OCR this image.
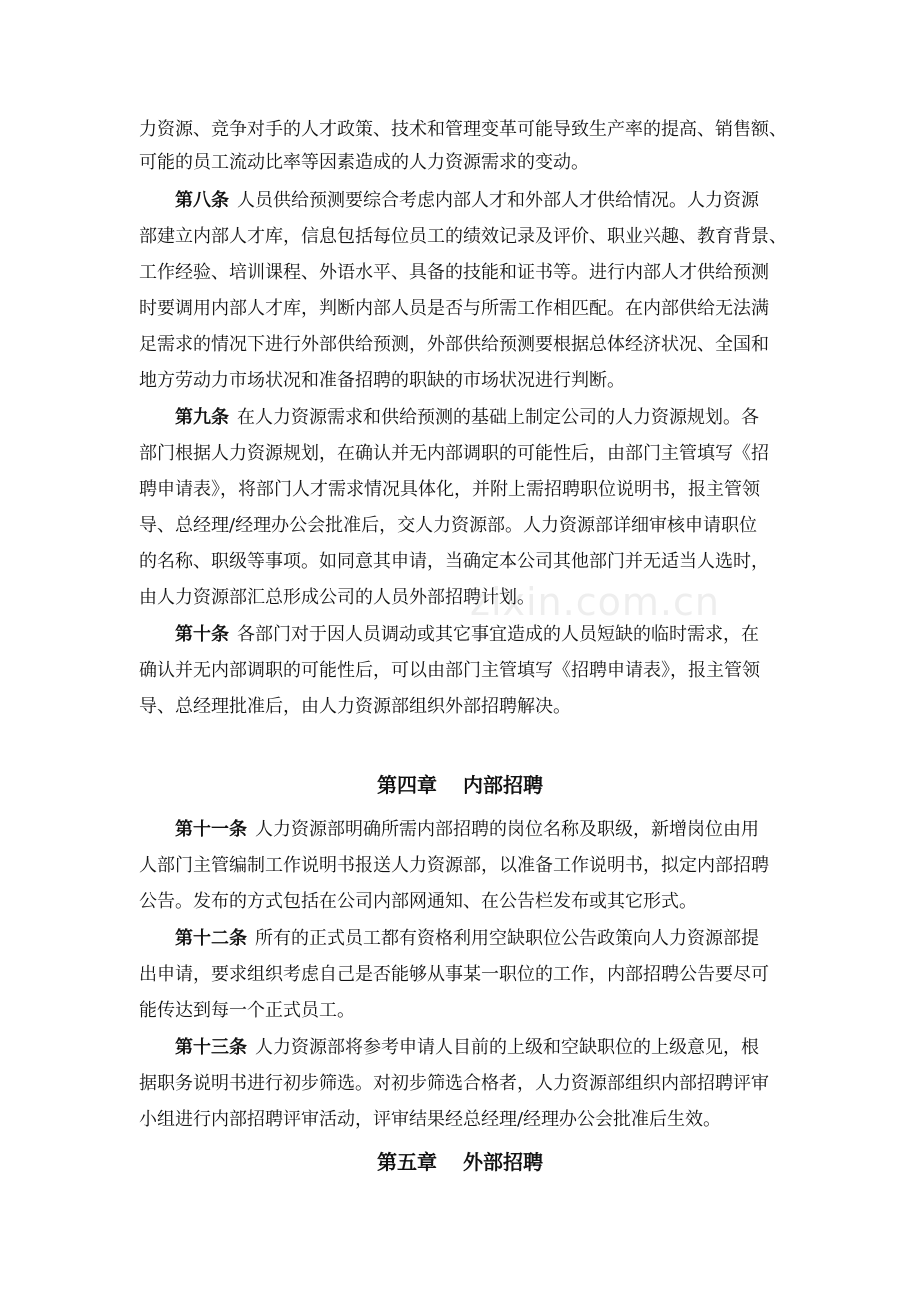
zixin.com.cn
力资源、竞争对手的人才政策、技术和管理变革可能导致生产率的提高、销售额、
可能的员工流动比率等因素造成的人力资源需求的变动。
第八条 人员供给预测要综合考虑内部人才和外部人才供给情况。人力资源
部建立内部人才库，信息包括每位员工的绩效记录及评价、职业兴趣、教育背景、
工作经验、培训课程、外语水平、具备的技能和证书等。进行内部人才供给预测
时要调用内部人才库，判断内部人员是否与所需工作相匹配。在内部供给无法满
足需求的情况下进行外部供给预测，外部供给预测要根据总体经济状况、全国和
地方劳动力市场状况和准备招聘的职缺的市场状况进行判断。
第九条 在人力资源需求和供给预测的基础上制定公司的人力资源规划。各
部门根据人力资源规划，在确认并无内部调职的可能性后，由部门主管填写《招
聘申请表》，将部门人才需求情况具体化，并附上需招聘职位说明书，报主管领
导、总经理/经理办公会批准后，交人力资源部。人力资源部详细审核申请职位
的名称、职级等事项。如同意其申请，当确定本公司其他部门并无适当人选时，
由人力资源部汇总形成公司的人员外部招聘计划。
第十条 各部门对于因人员调动或其它事宜造成的人员短缺的临时需求，在
确认并无内部调职的可能性后，可以由部门主管填写《招聘申请表》，报主管领
导、总经理批准后，由人力资源部组织外部招聘解决。
第四章 内部招聘
第十一条 人力资源部明确所需内部招聘的岗位名称及职级，新增岗位由用
人部门主管编制工作说明书报送人力资源部，以准备工作说明书，拟定内部招聘
公告。发布的方式包括在公司内部网通知、在公告栏发布或其它形式。
第十二条 所有的正式员工都有资格利用空缺职位公告政策向人力资源部提
出申请，要求组织考虑自己是否能够从事某一职位的工作，内部招聘公告要尽可
能传达到每一个正式员工。
第十三条 人力资源部将参考申请人目前的上级和空缺职位的上级意见，根
据职务说明书进行初步筛选。对初步筛选合格者，人力资源部组织内部招聘评审
小组进行内部招聘评审活动，评审结果经总经理/经理办公会批准后生效。
第五章 外部招聘
